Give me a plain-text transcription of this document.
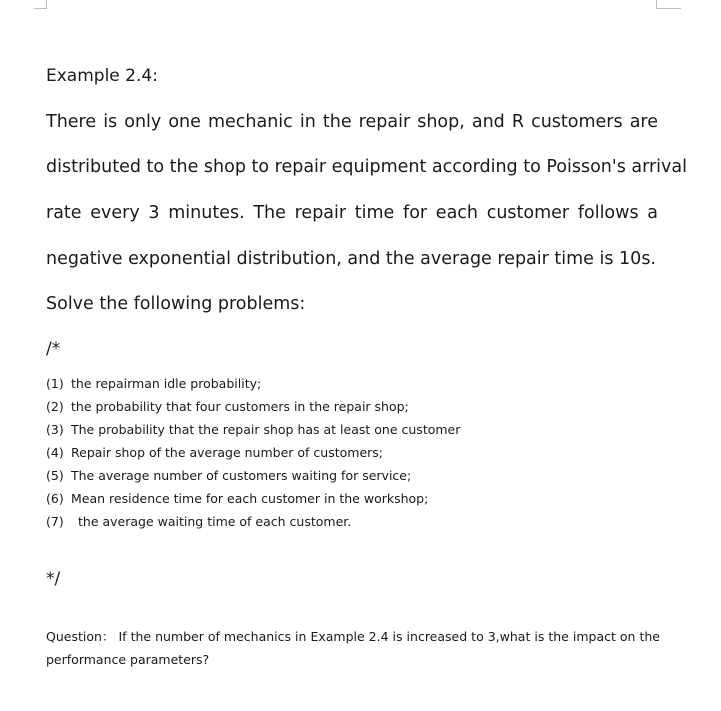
Example 2.4:
There is only one mechanic in the repair shop, and R customers are
distributed to the shop to repair equipment according to Poisson's arrival
rate every 3 minutes. The repair time for each customer follows a
negative exponential distribution, and the average repair time is 10s.
Solve the following problems:
/*
(1) the repairman idle probability;
(2) the probability that four customers in the repair shop;
(3) The probability that the repair shop has at least one customer
(4) Repair shop of the average number of customers;
(5) The average number of customers waiting for service;
(6) Mean residence time for each customer in the workshop;
(7) the average waiting time of each customer.
*/
Question： If the number of mechanics in Example 2.4 is increased to 3,what is the impact on the
performance parameters?
